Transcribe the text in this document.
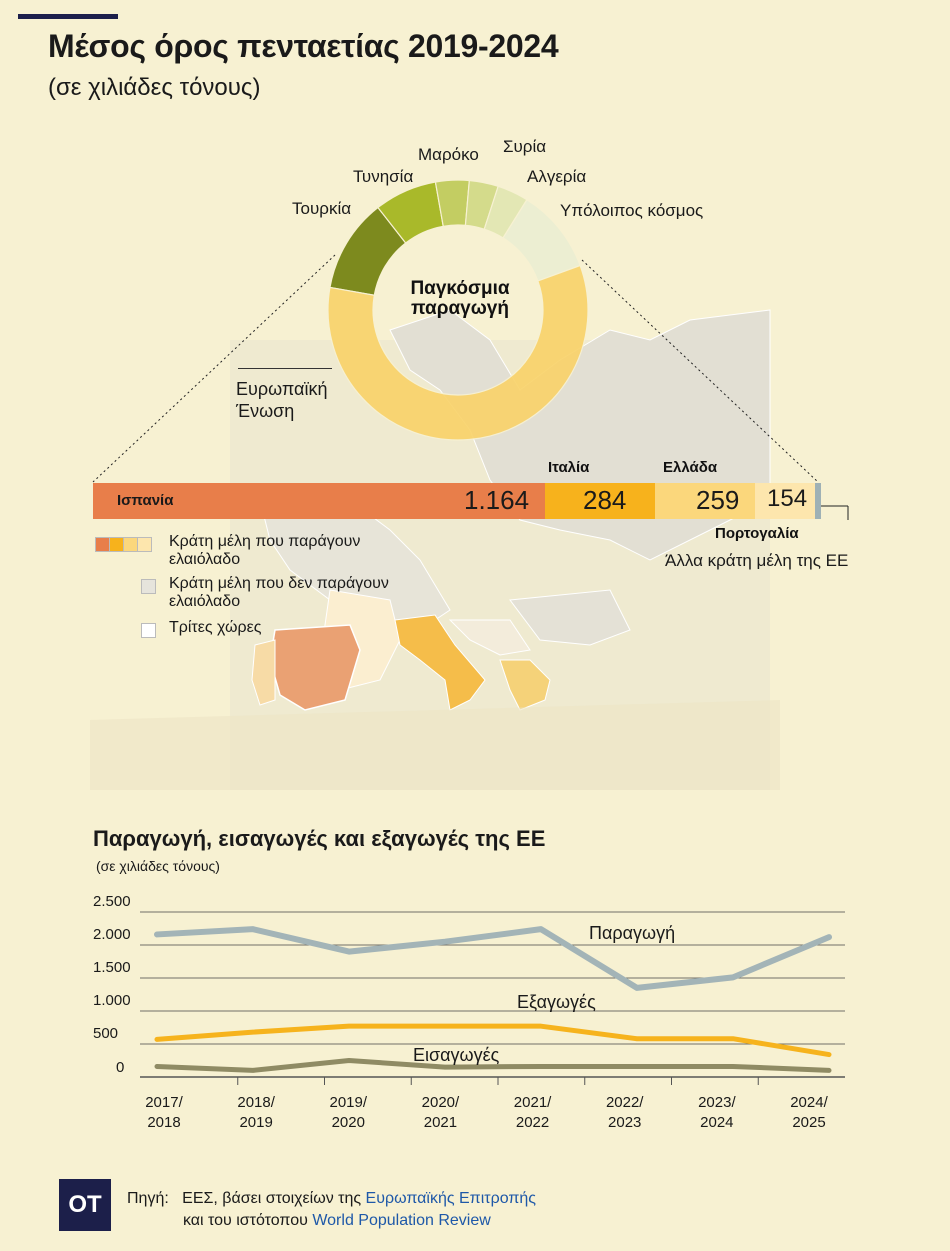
Μέσος όρος πενταετίας 2019-2024
(σε χιλιάδες τόνους)
Παγκόσμια
παραγωγή
Τουρκία
Τυνησία
Μαρόκο Συρία
Αλγερία
Υπόλοιπος κόσμος
Ευρωπαϊκή
Ένωση
Ισπανία	1.164 284	259 154
Ιταλία	Ελλάδα
Πορτογαλία
Άλλα κράτη μέλη της ΕΕ
Κράτη μέλη που παράγουν
ελαιόλαδο
Κράτη μέλη που δεν παράγουν
ελαιόλαδο
Τρίτες χώρες
Παραγωγή, εισαγωγές και εξαγωγές της ΕΕ
(σε χιλιάδες τόνους)
0
500
1.000
1.500
2.000
2.500
2017/
2018
2018/
2019
2019/
2020
2020/
2021
2021/
2022
2022/
2023
2023/
2024
2024/
2025
Παραγωγή
Εξαγωγές
Εισαγωγές
ΟΤ	Πηγή: ΕΕΣ, βάσει στοιχείων της Ευρωπαϊκής Επιτροπής
και του ιστότοπου World Population Review
